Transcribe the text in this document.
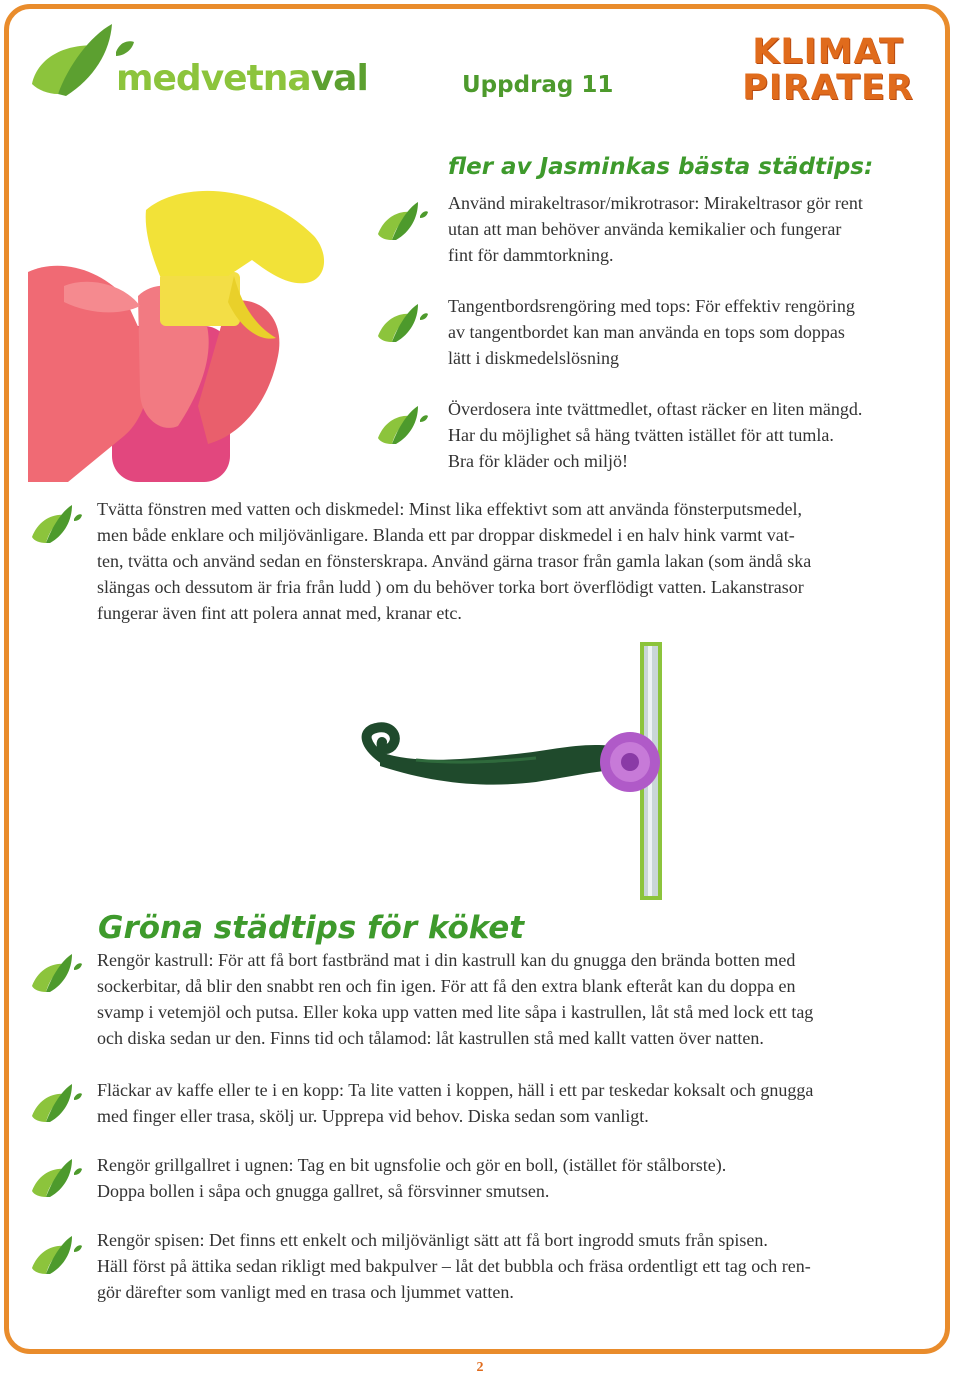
medvetnaval	Uppdrag 11
KLIMAT
PIRATER
fler av Jasminkas bästa städtips:

Använd mirakeltrasor/mikrotrasor: Mirakeltrasor gör rent
utan att man behöver använda kemikalier och fungerar
fint för dammtorkning.

Tangentbordsrengöring med tops: För effektiv rengöring
av tangentbordet kan man använda en tops som doppas
lätt i diskmedelslösning

Överdosera inte tvättmedlet, oftast räcker en liten mängd.
Har du möjlighet så häng tvätten istället för att tumla.
Bra för kläder och miljö!

Tvätta fönstren med vatten och diskmedel: Minst lika effektivt som att använda fönsterputsmedel,
men både enklare och miljövänligare. Blanda ett par droppar diskmedel i en halv hink varmt vat-
ten, tvätta och använd sedan en fönsterskrapa. Använd gärna trasor från gamla lakan (som ändå ska
slängas och dessutom är fria från ludd ) om du behöver torka bort överflödigt vatten. Lakanstrasor
fungerar även fint att polera annat med, kranar etc.

Gröna städtips för köket

Rengör kastrull: För att få bort fastbränd mat i din kastrull kan du gnugga den brända botten med
sockerbitar, då blir den snabbt ren och fin igen. För att få den extra blank efteråt kan du doppa en
svamp i vetemjöl och putsa. Eller koka upp vatten med lite såpa i kastrullen, låt stå med lock ett tag
och diska sedan ur den. Finns tid och tålamod: låt kastrullen stå med kallt vatten över natten.

Fläckar av kaffe eller te i en kopp: Ta lite vatten i koppen, häll i ett par teskedar koksalt och gnugga
med finger eller trasa, skölj ur. Upprepa vid behov. Diska sedan som vanligt.

Rengör grillgallret i ugnen: Tag en bit ugnsfolie och gör en boll, (istället för stålborste).
Doppa bollen i såpa och gnugga gallret, så försvinner smutsen.

Rengör spisen: Det finns ett enkelt och miljövänligt sätt att få bort ingrodd smuts från spisen.
Häll först på ättika sedan rikligt med bakpulver – låt det bubbla och fräsa ordentligt ett tag och ren-
gör därefter som vanligt med en trasa och ljummet vatten.

2
